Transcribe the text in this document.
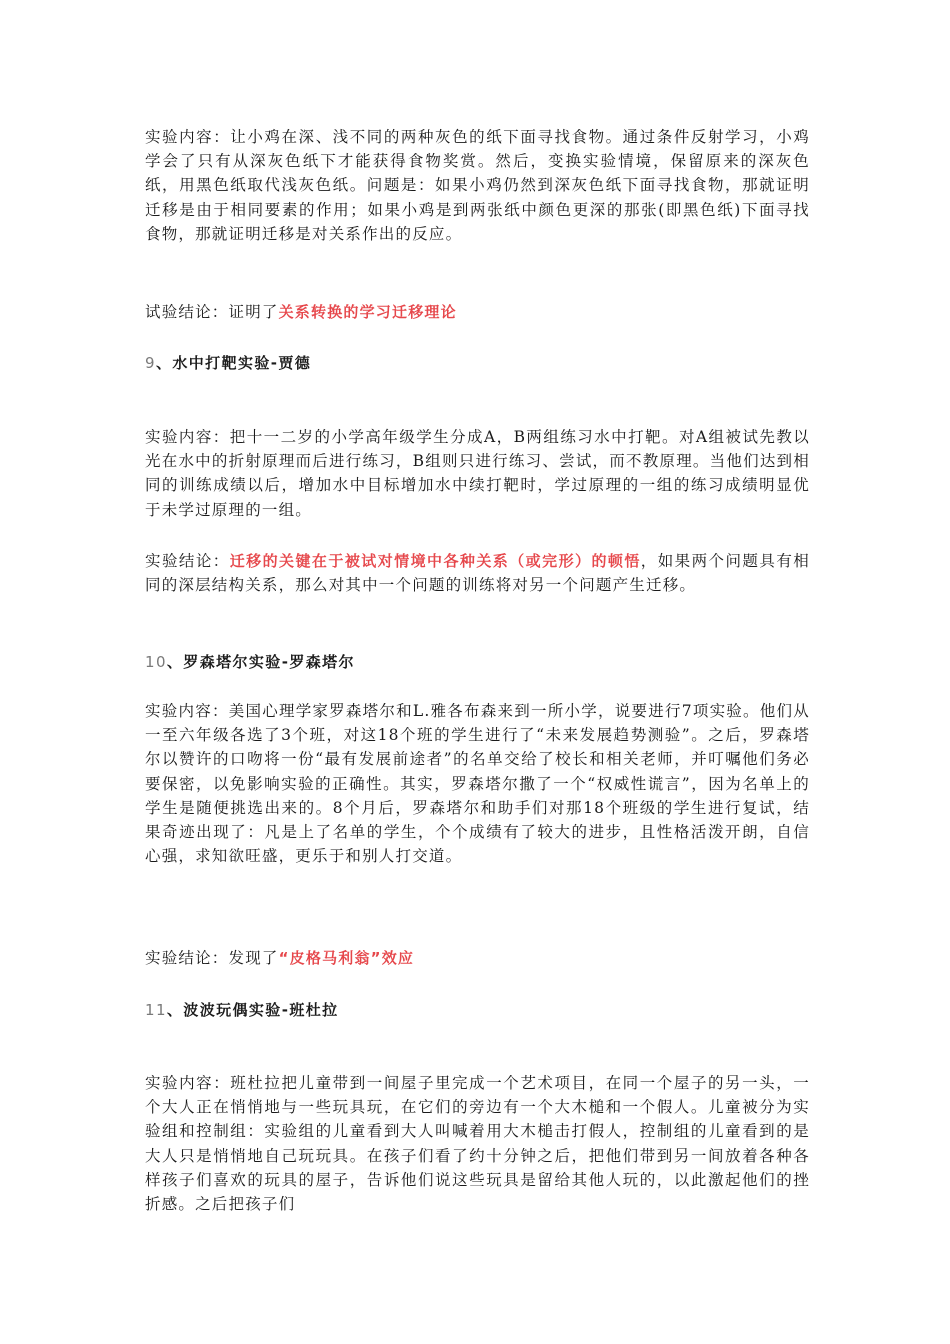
实验内容：让小鸡在深、浅不同的两种灰色的纸下面寻找食物。通过条件反射学习，小鸡学会了只有从深灰色纸下才能获得食物奖赏。然后，变换实验情境，保留原来的深灰色纸，用黑色纸取代浅灰色纸。问题是：如果小鸡仍然到深灰色纸下面寻找食物，那就证明迁移是由于相同要素的作用；如果小鸡是到两张纸中颜色更深的那张(即黑色纸)下面寻找食物，那就证明迁移是对关系作出的反应。

试验结论：证明了关系转换的学习迁移理论

9、水中打靶实验-贾德

实验内容：把十一二岁的小学高年级学生分成A，B两组练习水中打靶。对A组被试先教以光在水中的折射原理而后进行练习，B组则只进行练习、尝试，而不教原理。当他们达到相同的训练成绩以后，增加水中目标增加水中续打靶时，学过原理的一组的练习成绩明显优于未学过原理的一组。

实验结论：迁移的关键在于被试对情境中各种关系（或完形）的顿悟，如果两个问题具有相同的深层结构关系，那么对其中一个问题的训练将对另一个问题产生迁移。

10、罗森塔尔实验-罗森塔尔

实验内容：美国心理学家罗森塔尔和L.雅各布森来到一所小学，说要进行7项实验。他们从一至六年级各选了3个班，对这18个班的学生进行了“未来发展趋势测验”。之后，罗森塔尔以赞许的口吻将一份“最有发展前途者”的名单交给了校长和相关老师，并叮嘱他们务必要保密，以免影响实验的正确性。其实，罗森塔尔撒了一个“权威性谎言”，因为名单上的学生是随便挑选出来的。8个月后，罗森塔尔和助手们对那18个班级的学生进行复试，结果奇迹出现了：凡是上了名单的学生，个个成绩有了较大的进步，且性格活泼开朗，自信心强，求知欲旺盛，更乐于和别人打交道。

实验结论：发现了“皮格马利翁”效应

11、波波玩偶实验-班杜拉

实验内容：班杜拉把儿童带到一间屋子里完成一个艺术项目，在同一个屋子的另一头，一个大人正在悄悄地与一些玩具玩，在它们的旁边有一个大木槌和一个假人。儿童被分为实验组和控制组：实验组的儿童看到大人叫喊着用大木槌击打假人，控制组的儿童看到的是大人只是悄悄地自己玩玩具。在孩子们看了约十分钟之后，把他们带到另一间放着各种各样孩子们喜欢的玩具的屋子，告诉他们说这些玩具是留给其他人玩的，以此激起他们的挫折感。之后把孩子们
